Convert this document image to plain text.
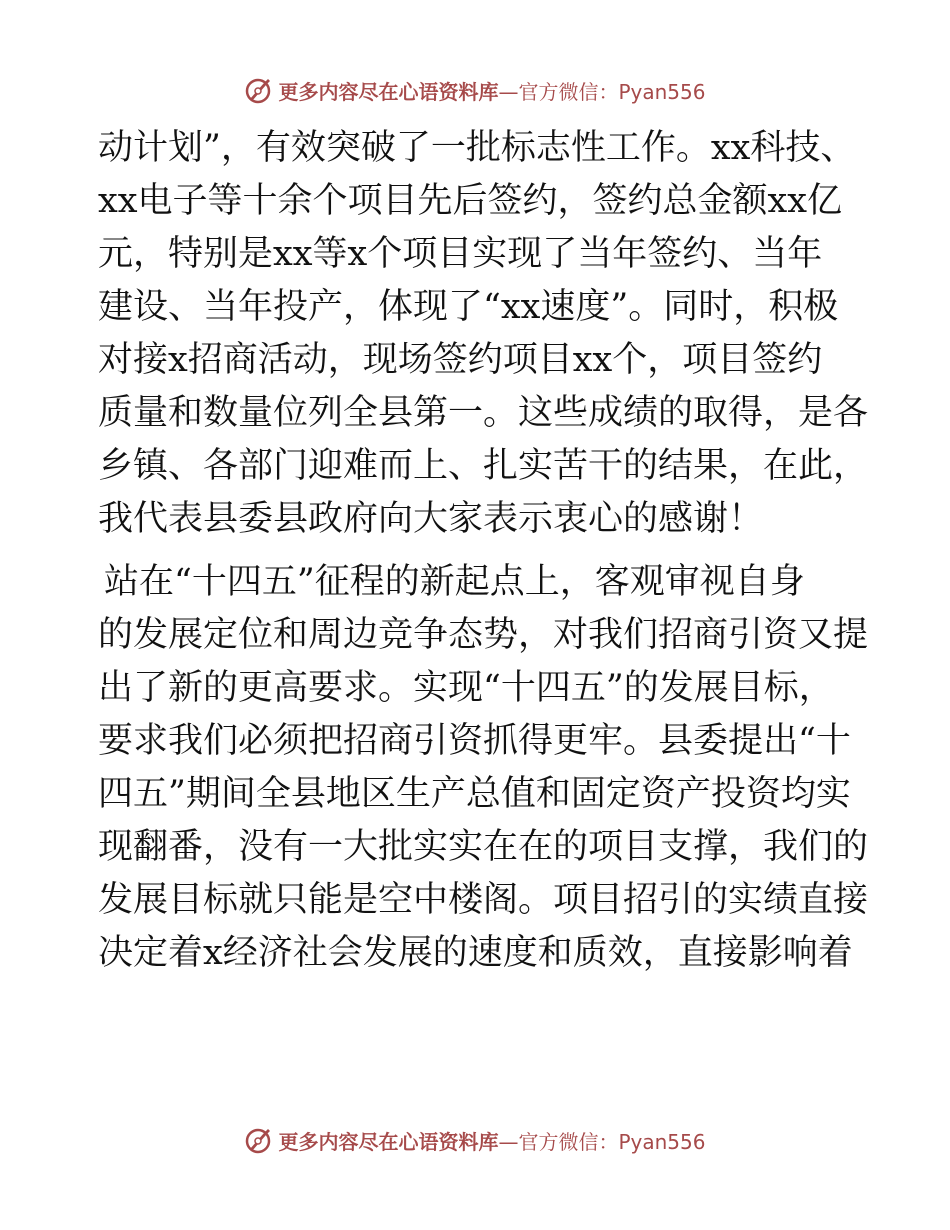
更多内容尽在心语资料库 —官方微信：Pyan556
动计划”，有效突破了一批标志性工作。xx科技、
xx电子等十余个项目先后签约，签约总金额xx亿
元，特别是xx等x个项目实现了当年签约、当年
建设、当年投产，体现了“xx速度”。同时，积极
对接x招商活动，现场签约项目xx个，项目签约
质量和数量位列全县第一。这些成绩的取得，是各
乡镇、各部门迎难而上、扎实苦干的结果，在此，
我代表县委县政府向大家表示衷心的感谢！
站在“十四五”征程的新起点上，客观审视自身
的发展定位和周边竞争态势，对我们招商引资又提
出了新的更高要求。实现“十四五”的发展目标，
要求我们必须把招商引资抓得更牢。县委提出“十
四五”期间全县地区生产总值和固定资产投资均实
现翻番，没有一大批实实在在的项目支撑，我们的
发展目标就只能是空中楼阁。项目招引的实绩直接
决定着x经济社会发展的速度和质效，直接影响着
更多内容尽在心语资料库 —官方微信：Pyan556
